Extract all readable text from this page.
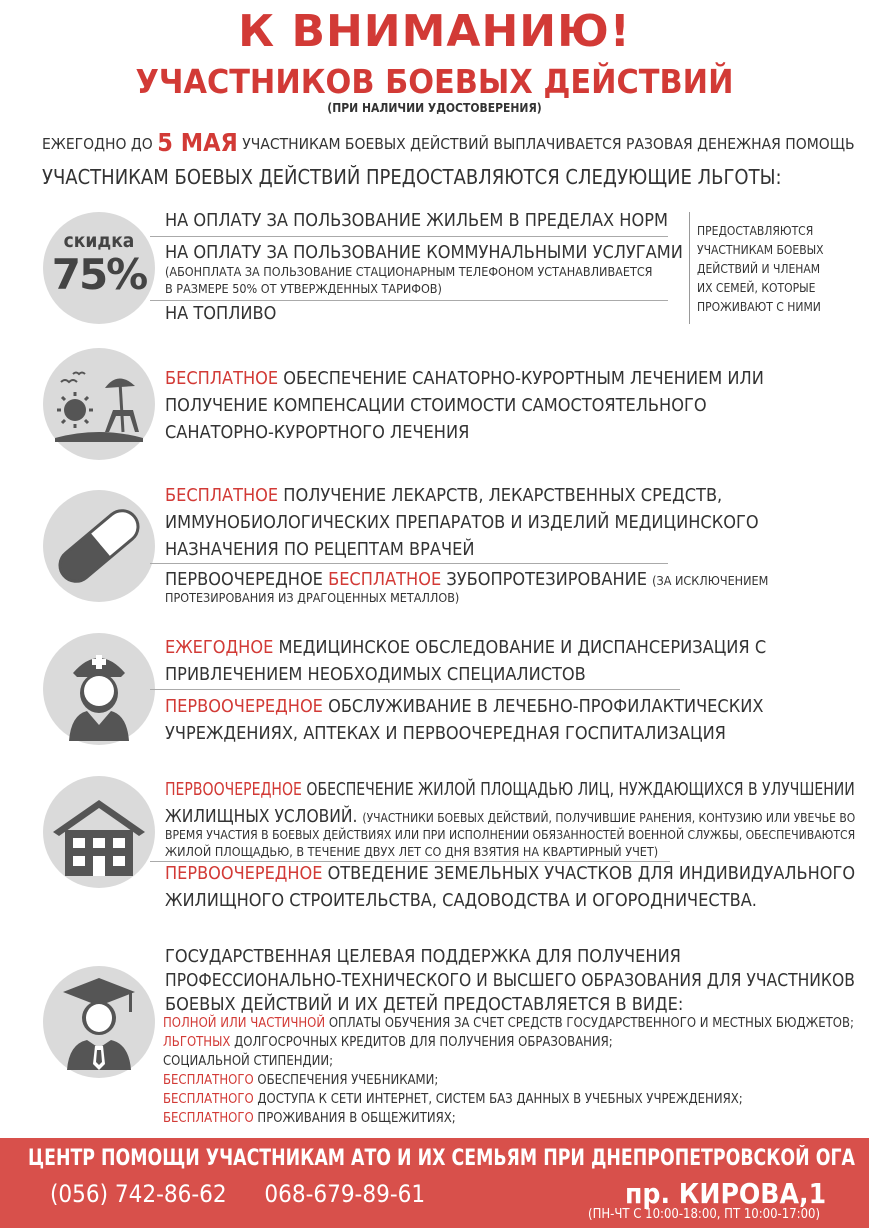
К ВНИМАНИЮ!
УЧАСТНИКОВ БОЕВЫХ ДЕЙСТВИЙ
(ПРИ НАЛИЧИИ УДОСТОВЕРЕНИЯ)
ЕЖЕГОДНО ДО 5 МАЯ УЧАСТНИКАМ БОЕВЫХ ДЕЙСТВИЙ ВЫПЛАЧИВАЕТСЯ РАЗОВАЯ ДЕНЕЖНАЯ ПОМОЩЬ
УЧАСТНИКАМ БОЕВЫХ ДЕЙСТВИЙ ПРЕДОСТАВЛЯЮТСЯ СЛЕДУЮЩИЕ ЛЬГОТЫ:
скидка
75%
НА ОПЛАТУ ЗА ПОЛЬЗОВАНИЕ ЖИЛЬЕМ В ПРЕДЕЛАХ НОРМ
НА ОПЛАТУ ЗА ПОЛЬЗОВАНИЕ КОММУНАЛЬНЫМИ УСЛУГАМИ
(АБОНПЛАТА ЗА ПОЛЬЗОВАНИЕ СТАЦИОНАРНЫМ ТЕЛЕФОНОМ УСТАНАВЛИВАЕТСЯ
В РАЗМЕРЕ 50% ОТ УТВЕРЖДЕННЫХ ТАРИФОВ)
НА ТОПЛИВО
ПРЕДОСТАВЛЯЮТСЯ
УЧАСТНИКАМ БОЕВЫХ
ДЕЙСТВИЙ И ЧЛЕНАМ
ИХ СЕМЕЙ, КОТОРЫЕ
ПРОЖИВАЮТ С НИМИ
БЕСПЛАТНОЕ ОБЕСПЕЧЕНИЕ САНАТОРНО-КУРОРТНЫМ ЛЕЧЕНИЕМ ИЛИ
ПОЛУЧЕНИЕ КОМПЕНСАЦИИ СТОИМОСТИ САМОСТОЯТЕЛЬНОГО
САНАТОРНО-КУРОРТНОГО ЛЕЧЕНИЯ
БЕСПЛАТНОЕ ПОЛУЧЕНИЕ ЛЕКАРСТВ, ЛЕКАРСТВЕННЫХ СРЕДСТВ,
ИММУНОБИОЛОГИЧЕСКИХ ПРЕПАРАТОВ И ИЗДЕЛИЙ МЕДИЦИНСКОГО
НАЗНАЧЕНИЯ ПО РЕЦЕПТАМ ВРАЧЕЙ
ПЕРВООЧЕРЕДНОЕ БЕСПЛАТНОЕ ЗУБОПРОТЕЗИРОВАНИЕ (ЗА ИСКЛЮЧЕНИЕМ
ПРОТЕЗИРОВАНИЯ ИЗ ДРАГОЦЕННЫХ МЕТАЛЛОВ)
ЕЖЕГОДНОЕ МЕДИЦИНСКОЕ ОБСЛЕДОВАНИЕ И ДИСПАНСЕРИЗАЦИЯ С
ПРИВЛЕЧЕНИЕМ НЕОБХОДИМЫХ СПЕЦИАЛИСТОВ
ПЕРВООЧЕРЕДНОЕ ОБСЛУЖИВАНИЕ В ЛЕЧЕБНО-ПРОФИЛАКТИЧЕСКИХ
УЧРЕЖДЕНИЯХ, АПТЕКАХ И ПЕРВООЧЕРЕДНАЯ ГОСПИТАЛИЗАЦИЯ
ПЕРВООЧЕРЕДНОЕ ОБЕСПЕЧЕНИЕ ЖИЛОЙ ПЛОЩАДЬЮ ЛИЦ, НУЖДАЮЩИХСЯ В УЛУЧШЕНИИ
ЖИЛИЩНЫХ УСЛОВИЙ. (УЧАСТНИКИ БОЕВЫХ ДЕЙСТВИЙ, ПОЛУЧИВШИЕ РАНЕНИЯ, КОНТУЗИЮ ИЛИ УВЕЧЬЕ ВО
ВРЕМЯ УЧАСТИЯ В БОЕВЫХ ДЕЙСТВИЯХ ИЛИ ПРИ ИСПОЛНЕНИИ ОБЯЗАННОСТЕЙ ВОЕННОЙ СЛУЖБЫ, ОБЕСПЕЧИВАЮТСЯ
ЖИЛОЙ ПЛОЩАДЬЮ, В ТЕЧЕНИЕ ДВУХ ЛЕТ СО ДНЯ ВЗЯТИЯ НА КВАРТИРНЫЙ УЧЕТ)
ПЕРВООЧЕРЕДНОЕ ОТВЕДЕНИЕ ЗЕМЕЛЬНЫХ УЧАСТКОВ ДЛЯ ИНДИВИДУАЛЬНОГО
ЖИЛИЩНОГО СТРОИТЕЛЬСТВА, САДОВОДСТВА И ОГОРОДНИЧЕСТВА.
ГОСУДАРСТВЕННАЯ ЦЕЛЕВАЯ ПОДДЕРЖКА ДЛЯ ПОЛУЧЕНИЯ
ПРОФЕССИОНАЛЬНО-ТЕХНИЧЕСКОГО И ВЫСШЕГО ОБРАЗОВАНИЯ ДЛЯ УЧАСТНИКОВ
БОЕВЫХ ДЕЙСТВИЙ И ИХ ДЕТЕЙ ПРЕДОСТАВЛЯЕТСЯ В ВИДЕ:
ПОЛНОЙ ИЛИ ЧАСТИЧНОЙ ОПЛАТЫ ОБУЧЕНИЯ ЗА СЧЕТ СРЕДСТВ ГОСУДАРСТВЕННОГО И МЕСТНЫХ БЮДЖЕТОВ;
ЛЬГОТНЫХ ДОЛГОСРОЧНЫХ КРЕДИТОВ ДЛЯ ПОЛУЧЕНИЯ ОБРАЗОВАНИЯ;
СОЦИАЛЬНОЙ СТИПЕНДИИ;
БЕСПЛАТНОГО ОБЕСПЕЧЕНИЯ УЧЕБНИКАМИ;
БЕСПЛАТНОГО ДОСТУПА К СЕТИ ИНТЕРНЕТ, СИСТЕМ БАЗ ДАННЫХ В УЧЕБНЫХ УЧРЕЖДЕНИЯХ;
БЕСПЛАТНОГО ПРОЖИВАНИЯ В ОБЩЕЖИТИЯХ;
ЦЕНТР ПОМОЩИ УЧАСТНИКАМ АТО И ИХ СЕМЬЯМ ПРИ ДНЕПРОПЕТРОВСКОЙ ОГА
(056) 742-86-62 068-679-89-61	пр. КИРОВА,1
(ПН-ЧТ С 10:00-18:00, ПТ 10:00-17:00)
